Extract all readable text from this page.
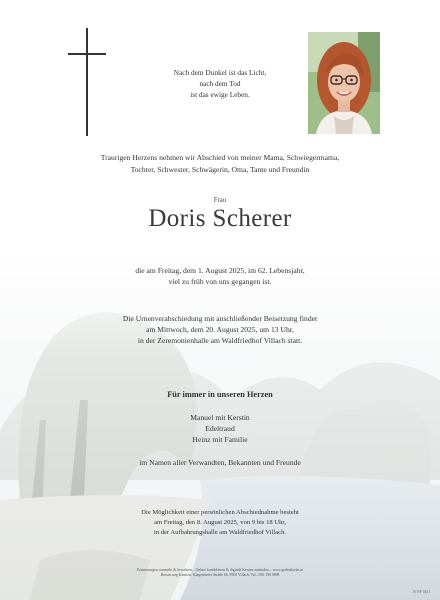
Nach dem Dunkel ist das Licht,
nach dem Tod
ist das ewige Leben.
Traurigen Herzens nehmen wir Abschied von meiner Mama, Schwiegermama,
Tochter, Schwester, Schwägerin, Oma, Tante und Freundin
Frau
Doris Scherer
die am Freitag, dem 1. August 2025, im 62. Lebensjahr,
viel zu früh von uns gegangen ist.
Die Urnenverabschiedung mit anschließender Beisetzung findet
am Mittwoch, dem 20. August 2025, um 13 Uhr,
in der Zeremonienhalle am Waldfriedhof Villach statt.
Für immer in unseren Herzen
Manuel mit Kerstin
Edeltraud
Heinz mit Familie
im Namen aller Verwandten, Bekannten und Freunde
Die Möglichkeit einer persönlichen Abschiednahme besteht
am Freitag, den 8. August 2025, von 9 bis 18 Uhr,
in der Aufbahrungshalle am Waldfriedhof Villach.
Erinnerungen sammeln & bewahren – Online kondolieren & digitale Kerzen anzünden – www.gedenkseite.at
Bestatt.ung Kärnten, Klagenfurter Straße 66, 9500 Villach, Tel.: 050 198 9898
B·NF·0451
